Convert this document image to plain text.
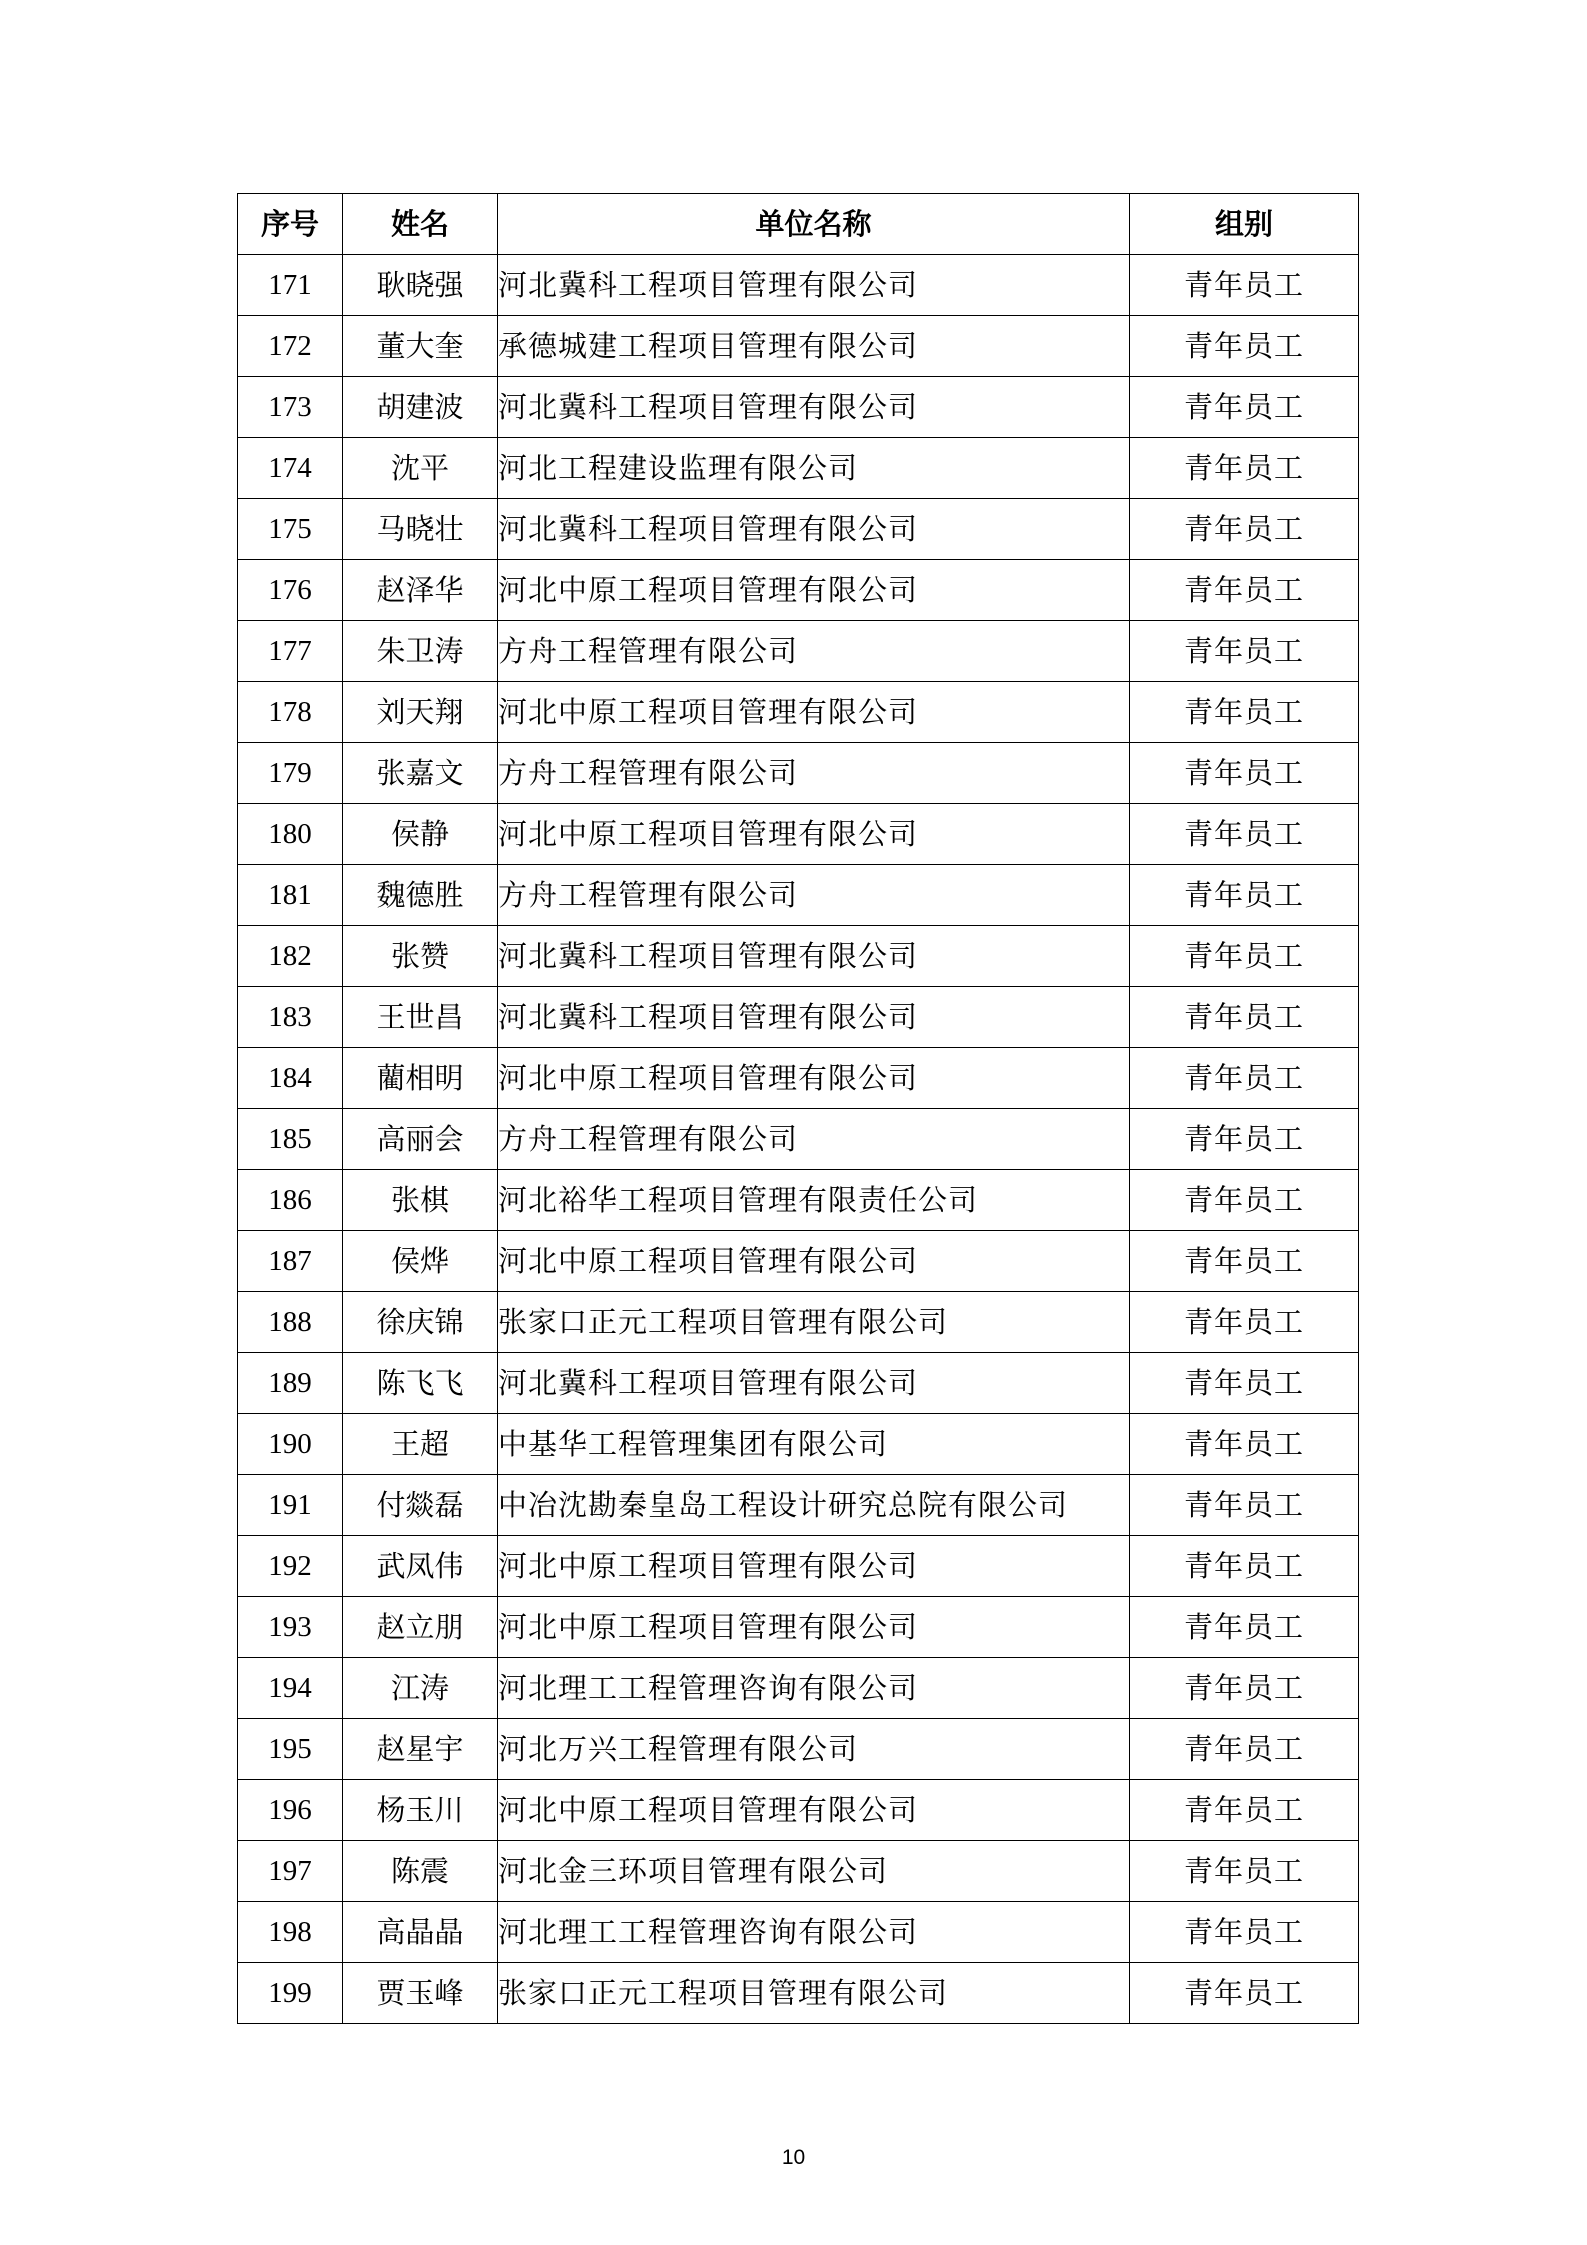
序号	姓名	单位名称	组别
171	耿晓强	河北冀科工程项目管理有限公司	青年员工
172	董大奎	承德城建工程项目管理有限公司	青年员工
173	胡建波	河北冀科工程项目管理有限公司	青年员工
174	沈平	河北工程建设监理有限公司	青年员工
175	马晓壮	河北冀科工程项目管理有限公司	青年员工
176	赵泽华	河北中原工程项目管理有限公司	青年员工
177	朱卫涛	方舟工程管理有限公司	青年员工
178	刘天翔	河北中原工程项目管理有限公司	青年员工
179	张嘉文	方舟工程管理有限公司	青年员工
180	侯静	河北中原工程项目管理有限公司	青年员工
181	魏德胜	方舟工程管理有限公司	青年员工
182	张赞	河北冀科工程项目管理有限公司	青年员工
183	王世昌	河北冀科工程项目管理有限公司	青年员工
184	藺相明	河北中原工程项目管理有限公司	青年员工
185	高丽会	方舟工程管理有限公司	青年员工
186	张棋	河北裕华工程项目管理有限责任公司	青年员工
187	侯烨	河北中原工程项目管理有限公司	青年员工
188	徐庆锦	张家口正元工程项目管理有限公司	青年员工
189	陈飞飞	河北冀科工程项目管理有限公司	青年员工
190	王超	中基华工程管理集团有限公司	青年员工
191	付燚磊	中冶沈勘秦皇岛工程设计研究总院有限公司	青年员工
192	武凤伟	河北中原工程项目管理有限公司	青年员工
193	赵立朋	河北中原工程项目管理有限公司	青年员工
194	江涛	河北理工工程管理咨询有限公司	青年员工
195	赵星宇	河北万兴工程管理有限公司	青年员工
196	杨玉川	河北中原工程项目管理有限公司	青年员工
197	陈震	河北金三环项目管理有限公司	青年员工
198	高晶晶	河北理工工程管理咨询有限公司	青年员工
199	贾玉峰	张家口正元工程项目管理有限公司	青年员工
10
